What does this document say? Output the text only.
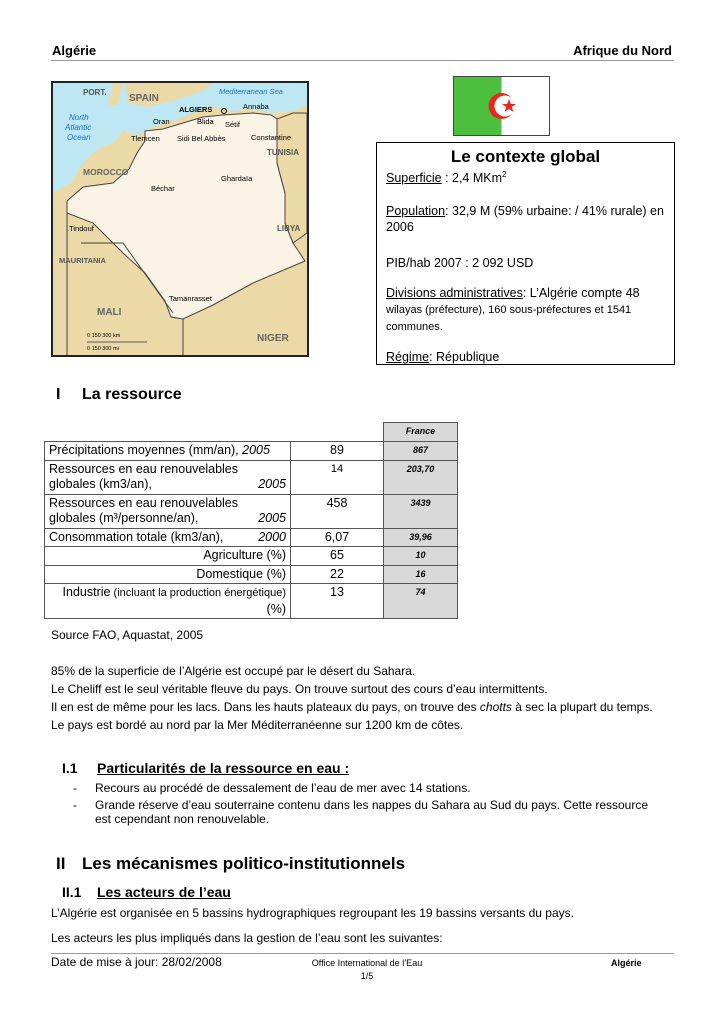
Algérie	Afrique du Nord
PORT.
SPAIN
Mediterranean Sea
North
Atlantic
Ocean
ALGIERS	Annaba
Oran	Blida Sétif
Tlemcen Sidi Bel Abbès	Constantine
TUNISIA
MOROCCO
Ghardaïa
Béchar
.Tindouf	LIBYA
MAURITANIA
Tamanrasset
MALI
NIGER
0 150 300 km
0 150 300 mi
Le contexte global

Superficie : 2,4 MKm$^2$

Population: 32,9 M (59% urbaine: / 41% rurale) en 2006

PIB/hab 2007 : 2 092 USD

Divisions administratives: L’Algérie compte 48
wilayas (préfecture), 160 sous-préfectures et 1541 communes.

Régime: République

I La ressource
		France
Précipitations moyennes (mm/an), 2005	89	867
Ressources en eau renouvelables globales (km3/an), 2005	14	203,70
Ressources en eau renouvelables globales (m³/personne/an), 2005	458	3439
Consommation totale (km3/an), 2000	6,07	39,96
Agriculture (%)	65	10
Domestique (%)	22	16
Industrie (incluant la production énergétique) (%)	13	74
Source FAO, Aquastat, 2005
85% de la superficie de l’Algérie est occupé par le désert du Sahara.
Le Cheliff est le seul véritable fleuve du pays. On trouve surtout des cours d’eau intermittents.
Il en est de même pour les lacs. Dans les hauts plateaux du pays, on trouve des chotts à sec la plupart du temps.
Le pays est bordé au nord par la Mer Méditerranéenne sur 1200 km de côtes.
I.1 Particularités de la ressource en eau :
- Recours au procédé de dessalement de l’eau de mer avec 14 stations.
- Grande réserve d’eau souterraine contenu dans les nappes du Sahara au Sud du pays. Cette ressource est cependant non renouvelable.
II Les mécanismes politico-institutionnels
II.1 Les acteurs de l’eau
L’Algérie est organisée en 5 bassins hydrographiques regroupant les 19 bassins versants du pays.
Les acteurs les plus impliqués dans la gestion de l’eau sont les suivantes:
Date de mise à jour: 28/02/2008	Office International de l’Eau
1/5
Algérie
